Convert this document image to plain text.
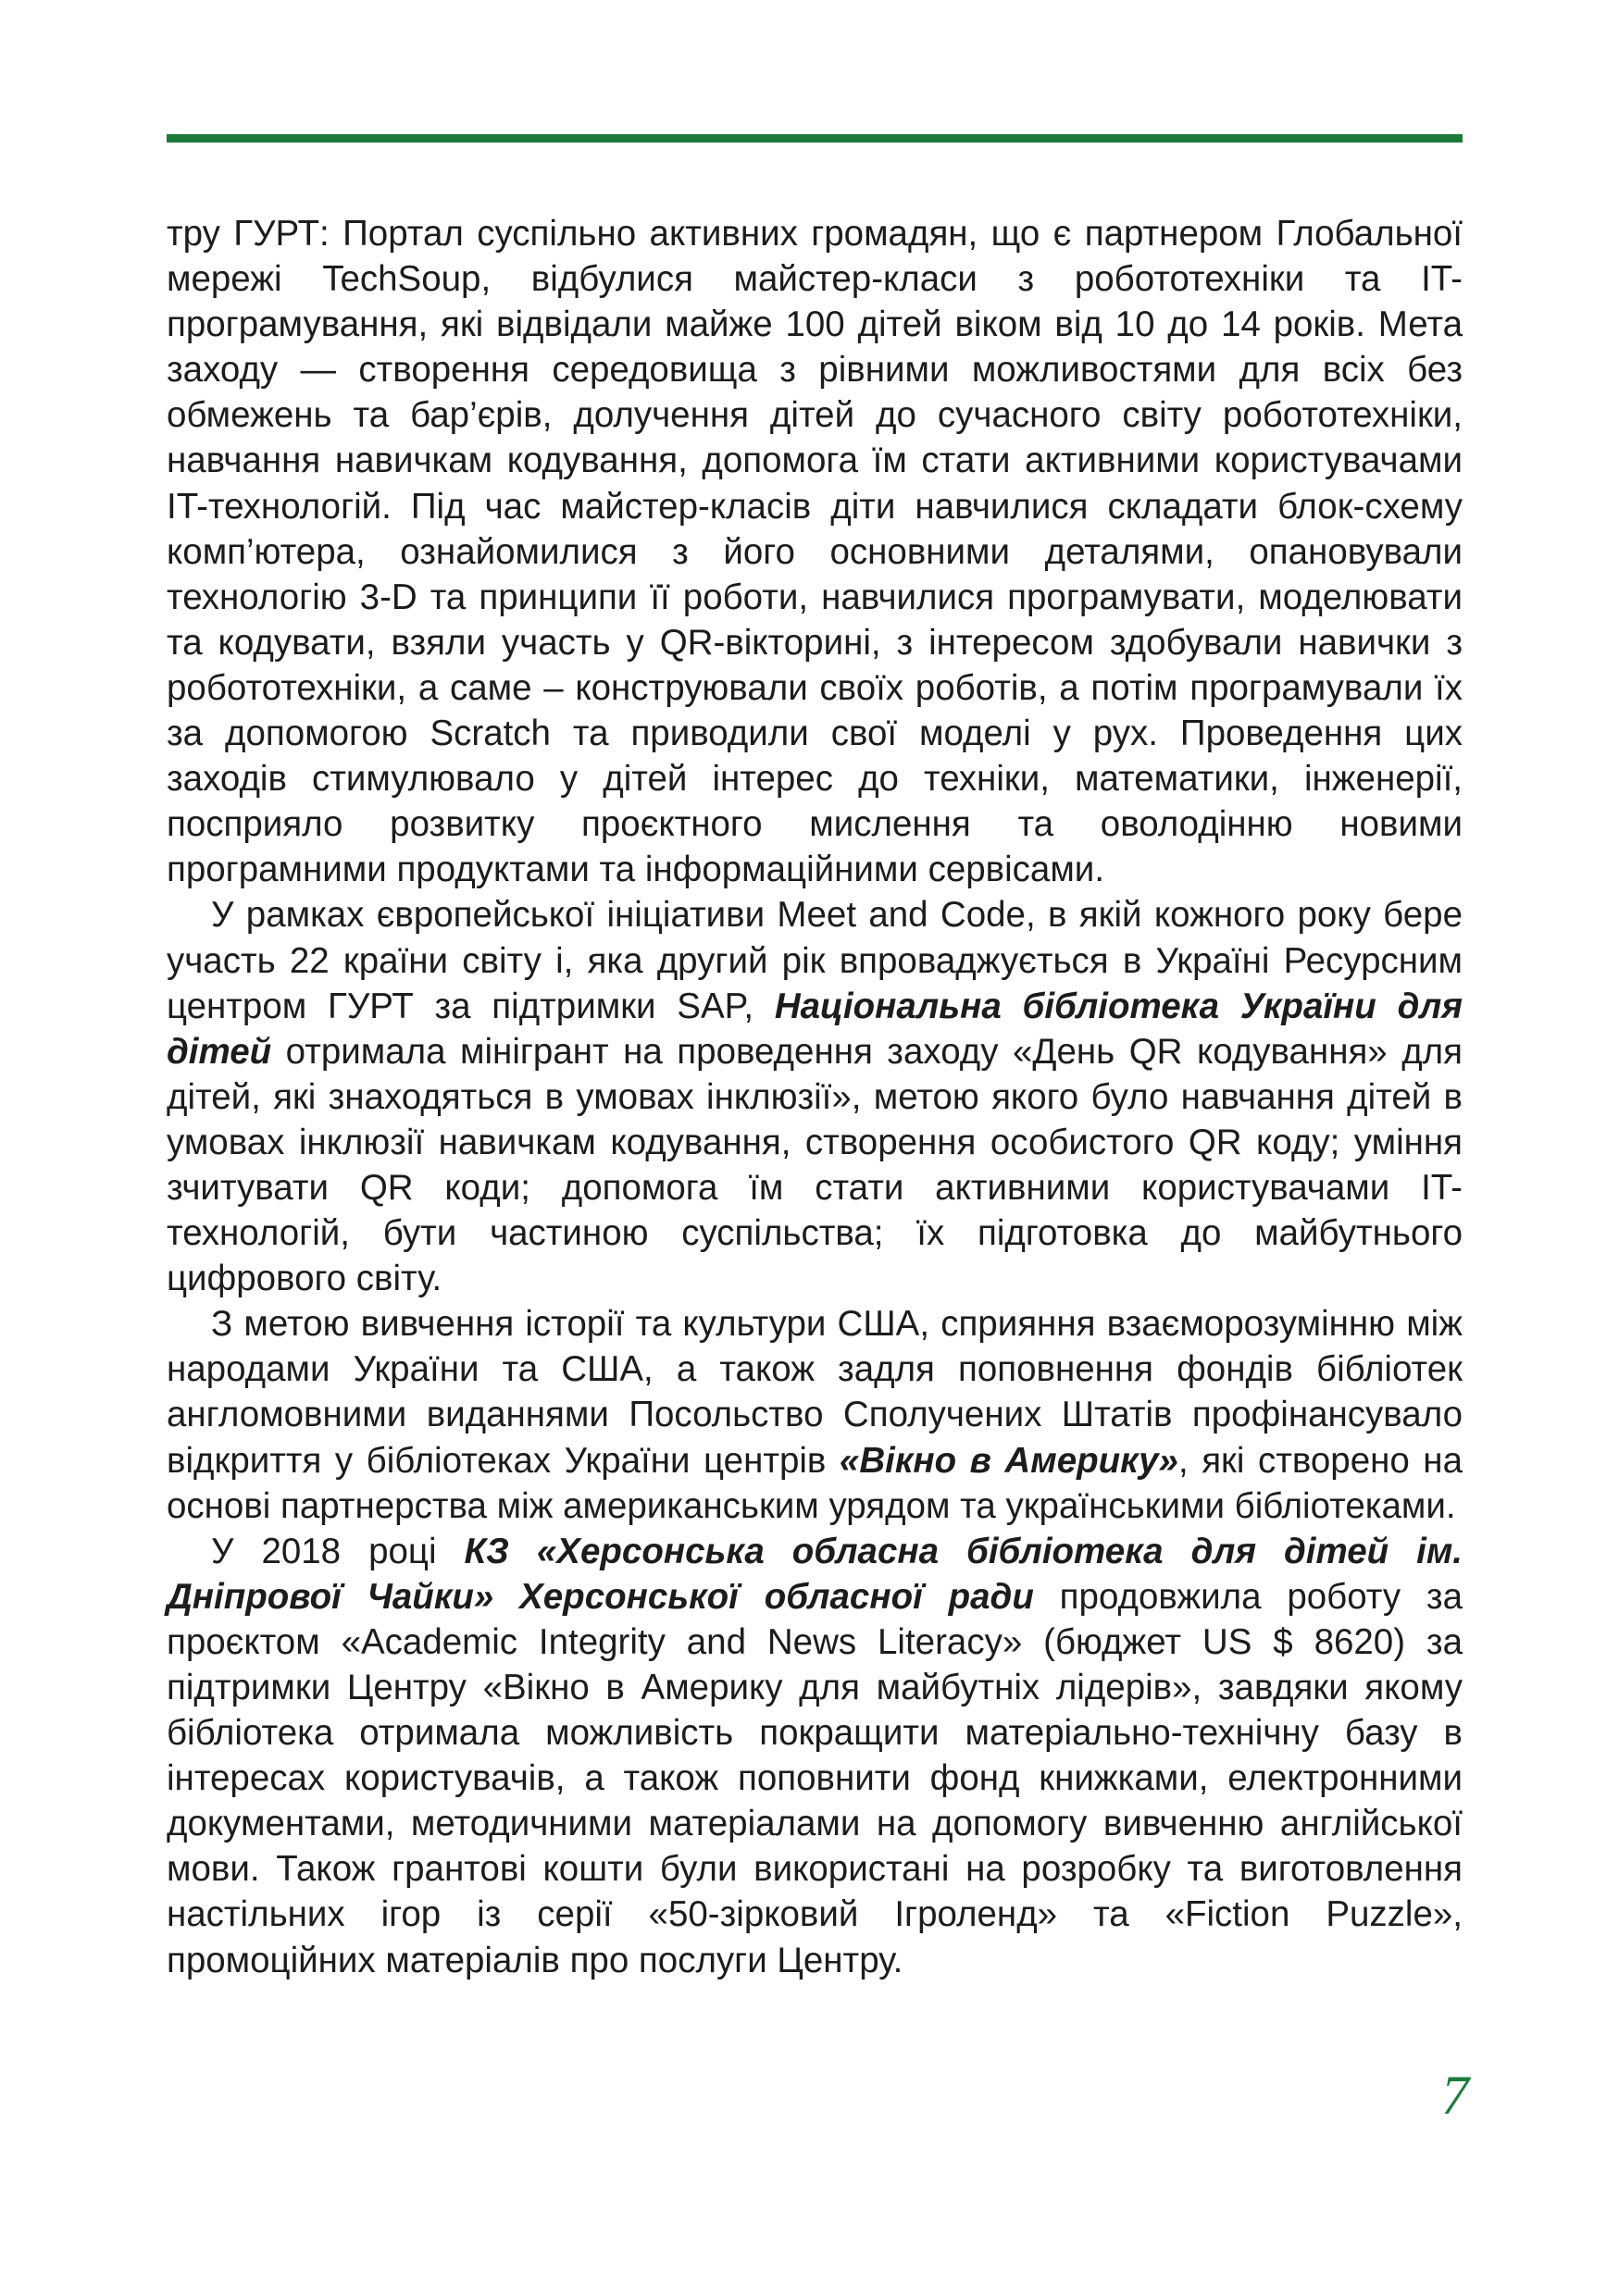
тру ГУРТ: Портал суспільно активних громадян, що є партнером Глобальної мережі TechSoup, відбулися майстер-класи з робототехніки та IT-програмування, які відвідали майже 100 дітей віком від 10 до 14 років. Мета заходу — створення середовища з рівними можливостями для всіх без обмежень та бар’єрів, долучення дітей до сучасного світу робототехніки, навчання навичкам кодування, допомога їм стати активними користувачами IT-технологій. Під час майстер-класів діти навчилися складати блок-схему комп’ютера, ознайомилися з його основними деталями, опановували технологію 3-D та принципи її роботи, навчилися програмувати, моделювати та кодувати, взяли участь у QR-вікторині, з інтересом здобували навички з робототехніки, а саме – конструювали своїх роботів, а потім програмували їх за допомогою Scratch та приводили свої моделі у рух. Проведення цих заходів стимулювало у дітей інтерес до техніки, математики, інженерії, посприяло розвитку проєктного мислення та оволодінню новими програмними продуктами та інформаційними сервісами.

У рамках європейської ініціативи Meet and Code, в якій кожного року бере участь 22 країни світу і, яка другий рік впроваджується в Україні Ресурсним центром ГУРТ за підтримки SAP, Національна бібліотека України для дітей отримала мінігрант на проведення заходу «День QR кодування» для дітей, які знаходяться в умовах інклюзії», метою якого було навчання дітей в умовах інклюзії навичкам кодування, створення особистого QR коду; уміння зчитувати QR коди; допомога їм стати активними користувачами IT-технологій, бути частиною суспільства; їх підготовка до майбутнього цифрового світу.

З метою вивчення історії та культури США, сприяння взаєморозумінню між народами України та США, а також задля поповнення фондів бібліотек англомовними виданнями Посольство Сполучених Штатів профінансувало відкриття у бібліотеках України центрів «Вікно в Америку», які створено на основі партнерства між американським урядом та українськими бібліотеками.

У 2018 році КЗ «Херсонська обласна бібліотека для дітей ім. Дніпрової Чайки» Херсонської обласної ради продовжила роботу за проєктом «Academic Integrity and News Literacy» (бюджет US $ 8620) за підтримки Центру «Вікно в Америку для майбутніх лідерів», завдяки якому бібліотека отримала можливість покращити матеріально-технічну базу в інтересах користувачів, а також поповнити фонд книжками, електронними документами, методичними матеріалами на допомогу вивченню англійської мови. Також грантові кошти були використані на розробку та виготовлення настільних ігор із серії «50-зірковий Ігроленд» та «Fiction Puzzle», промоційних матеріалів про послуги Центру.

7
